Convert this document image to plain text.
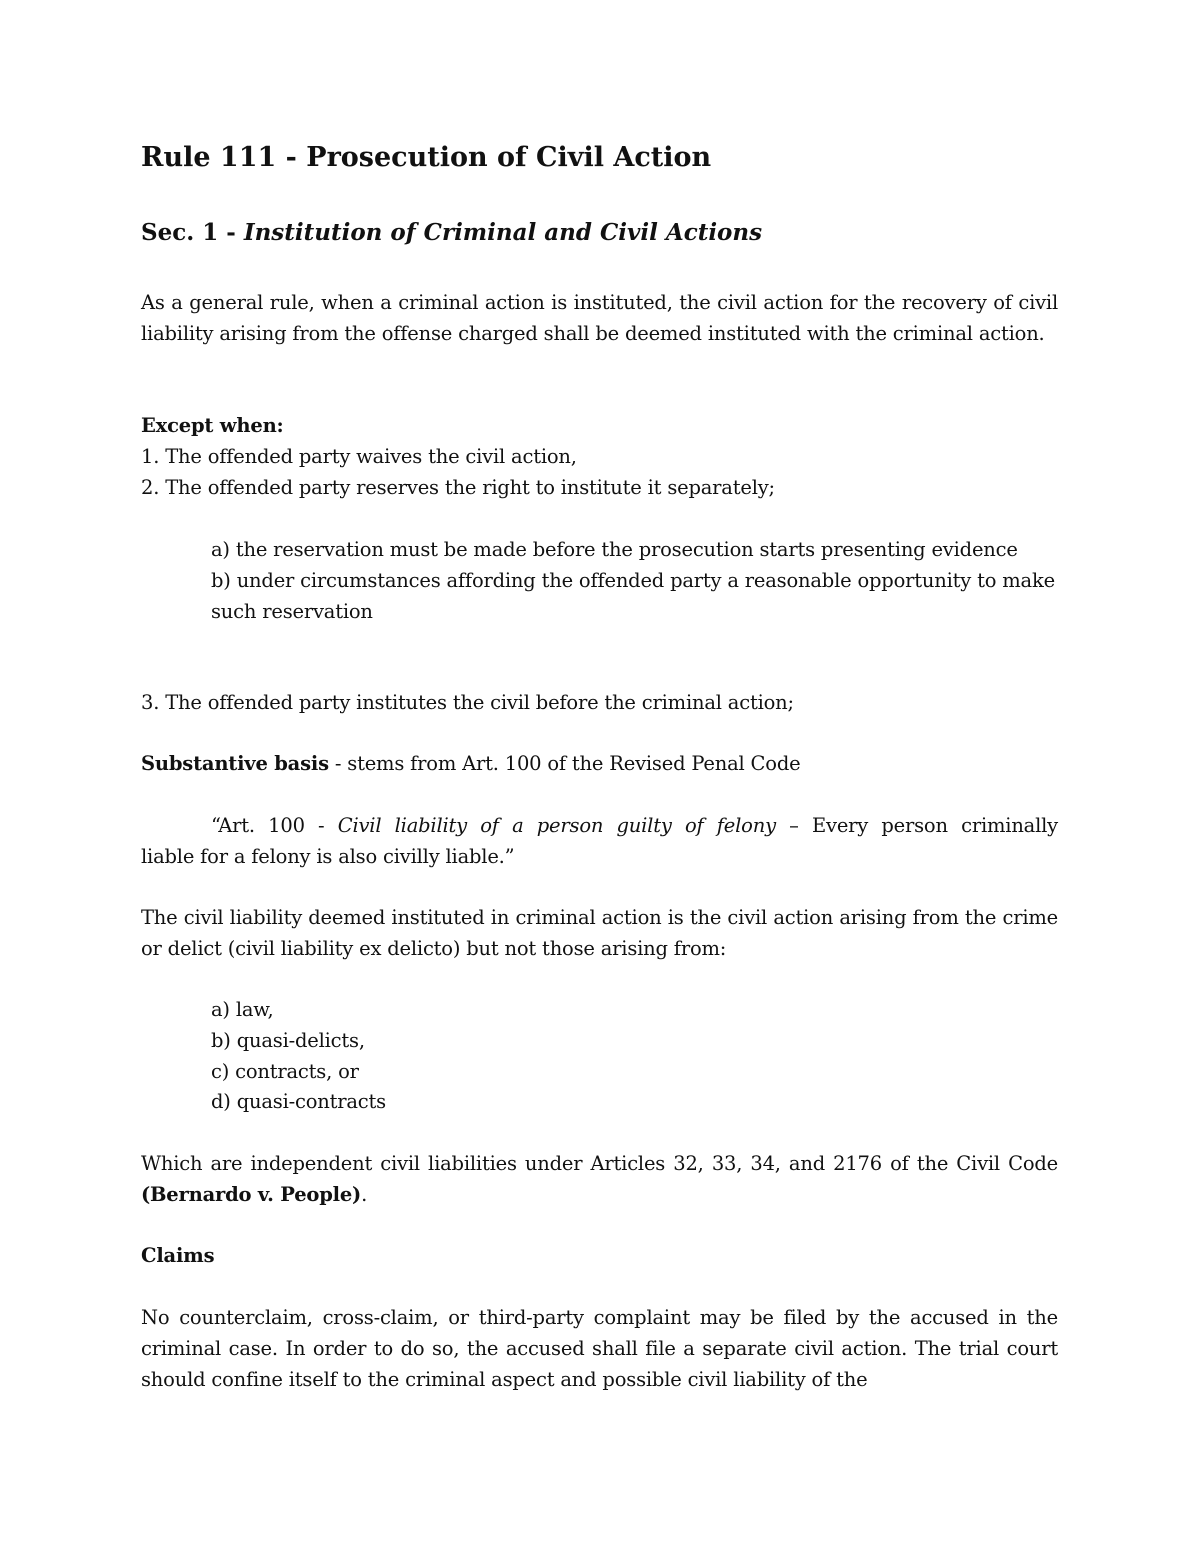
Rule 111 - Prosecution of Civil Action
Sec. 1 - Institution of Criminal and Civil Actions

As a general rule, when a criminal action is instituted, the civil action for the recovery of civil liability arising from the offense charged shall be deemed instituted with the criminal action.

Except when:
1. The offended party waives the civil action,
2. The offended party reserves the right to institute it separately;
a) the reservation must be made before the prosecution starts presenting evidence
b) under circumstances affording the offended party a reasonable opportunity to make such reservation

3. The offended party institutes the civil before the criminal action;

Substantive basis - stems from Art. 100 of the Revised Penal Code

“Art. 100 - Civil liability of a person guilty of felony – Every person criminally
liable for a felony is also civilly liable.”

The civil liability deemed instituted in criminal action is the civil action arising from the crime or delict (civil liability ex delicto) but not those arising from:

a) law,
b) quasi-delicts,
c) contracts, or
d) quasi-contracts

Which are independent civil liabilities under Articles 32, 33, 34, and 2176 of the Civil Code (Bernardo v. People).

Claims

No counterclaim, cross-claim, or third-party complaint may be filed by the accused in the criminal case. In order to do so, the accused shall file a separate civil action. The trial court should confine itself to the criminal aspect and possible civil liability of the
